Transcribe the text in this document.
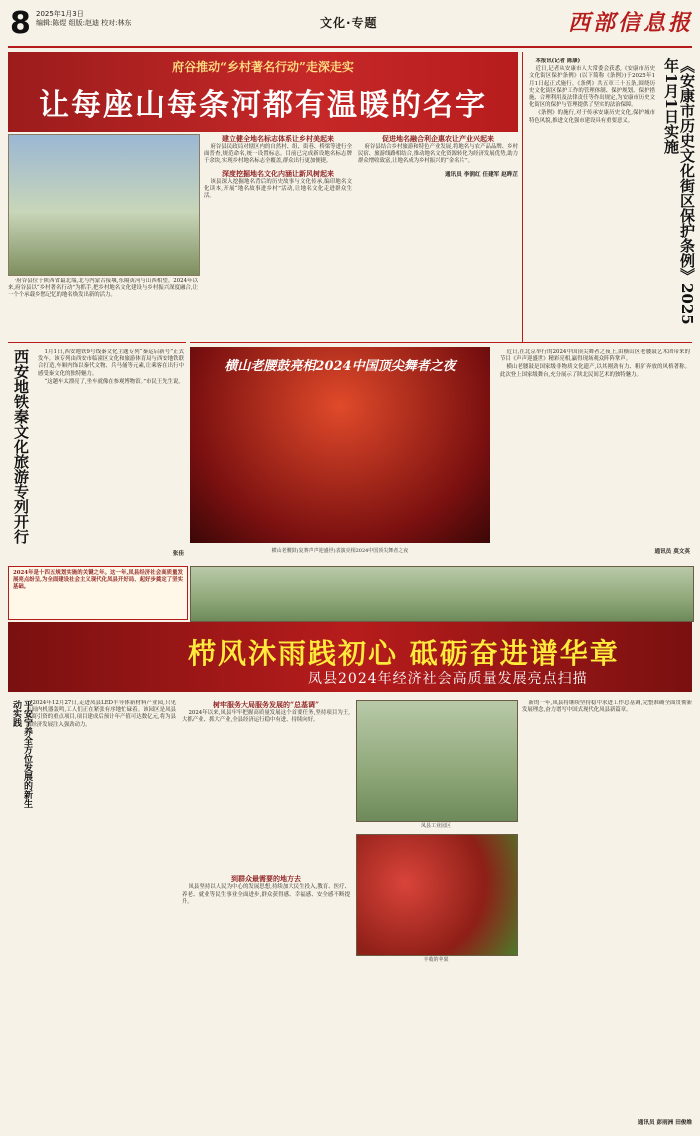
8 2025年1月3日
编辑:陈煜 组版:赵迪 校对:林东	文化·专题	西部信息报
府谷推动“乡村著名行动”走深走实
让每座山每条河都有温暖的名字

·府谷县位于陕西省最北端,北与内蒙古接壤,东隔黄河与山西相望。2024年以来,府谷县以“乡村著名行动”为抓手,把乡村地名文化建设与乡村振兴深度融合,让一个个承载乡愁记忆的地名焕发出新的活力。

建立健全地名标志体系让乡村美起来

府谷县民政局对辖区内的自然村、组、街巷、桥梁等进行全面普查,规范命名,统一设置标志。目前已完成新设地名标志牌千余块,实现乡村地名标志全覆盖,群众出行更加便捷。

深度挖掘地名文化内涵让新风树起来

该县深入挖掘地名背后的历史故事与文化传承,编印地名文化读本,开展“地名故事进乡村”活动,让地名文化走进群众生活。

促进地名融合利企惠农让产业兴起来

府谷县结合乡村旅游和特色产业发展,将地名与农产品品牌、乡村民宿、旅游线路相结合,推动地名文化资源转化为经济发展优势,助力群众增收致富,让地名成为乡村振兴的“金名片”。

通讯员 李润红 任建军 赵晔芷	《安康市历史文化街区保护条例》2025年1月1日实施

本报讯(记者 陈康)

近日,记者从安康市人大常委会获悉,《安康市历史文化街区保护条例》(以下简称《条例》)于2025年1月1日起正式施行。《条例》共五章三十五条,围绕历史文化街区保护工作的管理体制、保护规划、保护措施、合理利用及法律责任等作出规定,为安康市历史文化街区的保护与管理提供了坚实的法治保障。

《条例》的施行,对于传承安康历史文化,保护城市特色风貌,推进文化强市建设具有重要意义。

西安地铁秦文化旅游专列开行	1月1日,西安地铁9号线秦文化主题专列“秦运启新号”正式发车。该专列由西安市临潼区文化和旅游体育局与西安地铁联合打造,车厢内饰以秦代文物、兵马俑等元素,让乘客在出行中感受秦文化的独特魅力。

“这趟车太漂亮了,坐车就像在参观博物馆。”市民王先生说。

张佳
横山老腰鼓亮相2024中国顶尖舞者之夜
横山老腰鼓(复赛声声迎盛世)表演亮相2024中国顶尖舞者之夜

近日,在北京举行的2024中国顶尖舞者之夜上,由横山区老腰鼓艺术团带来的节目《声声迎盛世》精彩亮相,赢得现场观众阵阵掌声。

横山老腰鼓是国家级非物质文化遗产,以其刚劲有力、粗犷奔放的风格著称。此次登上国家级舞台,充分展示了陕北民间艺术的独特魅力。

通讯员 莫文英
2024年是十四五规划实施的关键之年。这一年,凤县经济社会高质量发展亮点纷呈,为全面建设社会主义现代化凤县开好局、起好步奠定了坚实基础。
栉风沐雨践初心 砥砺奋进谱华章
凤县2024年经济社会高质量发展亮点扫描
平安宁养全方位发展的新生动实践	2024年12月27日,走进凤县LED半导体新材料产业园,只见车间内机器轰鸣,工人们正在紧张有序地忙碌着。该园区是凤县招商引资的重点项目,项目建成后预计年产值可达数亿元,将为县域经济发展注入强劲动力。

树牢服务大局服务发展的“总基调”

2024年以来,凤县牢牢把握高质量发展这个首要任务,坚持项目为王,大抓产业、抓大产业,全县经济运行稳中有进、持续向好。

到群众最需要的地方去

凤县坚持以人民为中心的发展思想,持续加大民生投入,教育、医疗、养老、就业等民生事业全面进步,群众获得感、幸福感、安全感不断提升。

凤县工业园区
丰收的苹果

新的一年,凤县将继续坚持稳中求进工作总基调,完整准确全面贯彻新发展理念,奋力谱写中国式现代化凤县新篇章。

通讯员 彭雨洲 田俊维
